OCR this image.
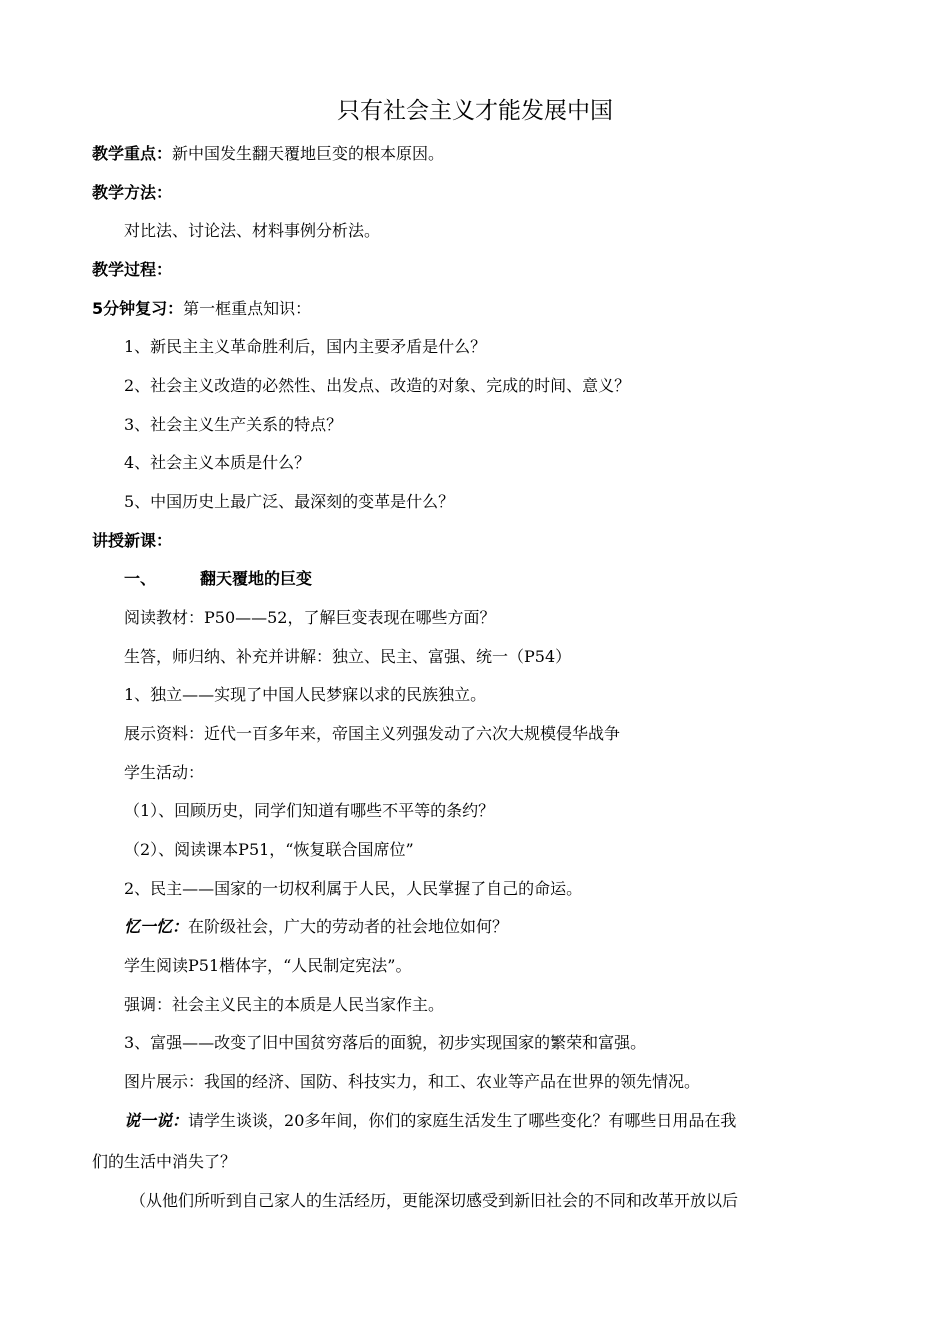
只有社会主义才能发展中国
教学重点：新中国发生翻天覆地巨变的根本原因。
教学方法：
对比法、讨论法、材料事例分析法。
教学过程：
5分钟复习：第一框重点知识：
1、新民主主义革命胜利后，国内主要矛盾是什么？
2、社会主义改造的必然性、出发点、改造的对象、完成的时间、意义？
3、社会主义生产关系的特点？
4、社会主义本质是什么？
5、中国历史上最广泛、最深刻的变革是什么？
讲授新课：
一、	翻天覆地的巨变
阅读教材：P50——52，了解巨变表现在哪些方面？
生答，师归纳、补充并讲解：独立、民主、富强、统一（P54）
1、独立——实现了中国人民梦寐以求的民族独立。
展示资料：近代一百多年来，帝国主义列强发动了六次大规模侵华战争
学生活动：
（1）、回顾历史，同学们知道有哪些不平等的条约？
（2）、阅读课本P51，“恢复联合国席位”
2、民主——国家的一切权利属于人民，人民掌握了自己的命运。
忆一忆：在阶级社会，广大的劳动者的社会地位如何？
学生阅读P51楷体字，“人民制定宪法”。
强调：社会主义民主的本质是人民当家作主。
3、富强——改变了旧中国贫穷落后的面貌，初步实现国家的繁荣和富强。
图片展示：我国的经济、国防、科技实力，和工、农业等产品在世界的领先情况。
说一说：请学生谈谈，20多年间，你们的家庭生活发生了哪些变化？有哪些日用品在我
们的生活中消失了？
（从他们所听到自己家人的生活经历，更能深切感受到新旧社会的不同和改革开放以后
